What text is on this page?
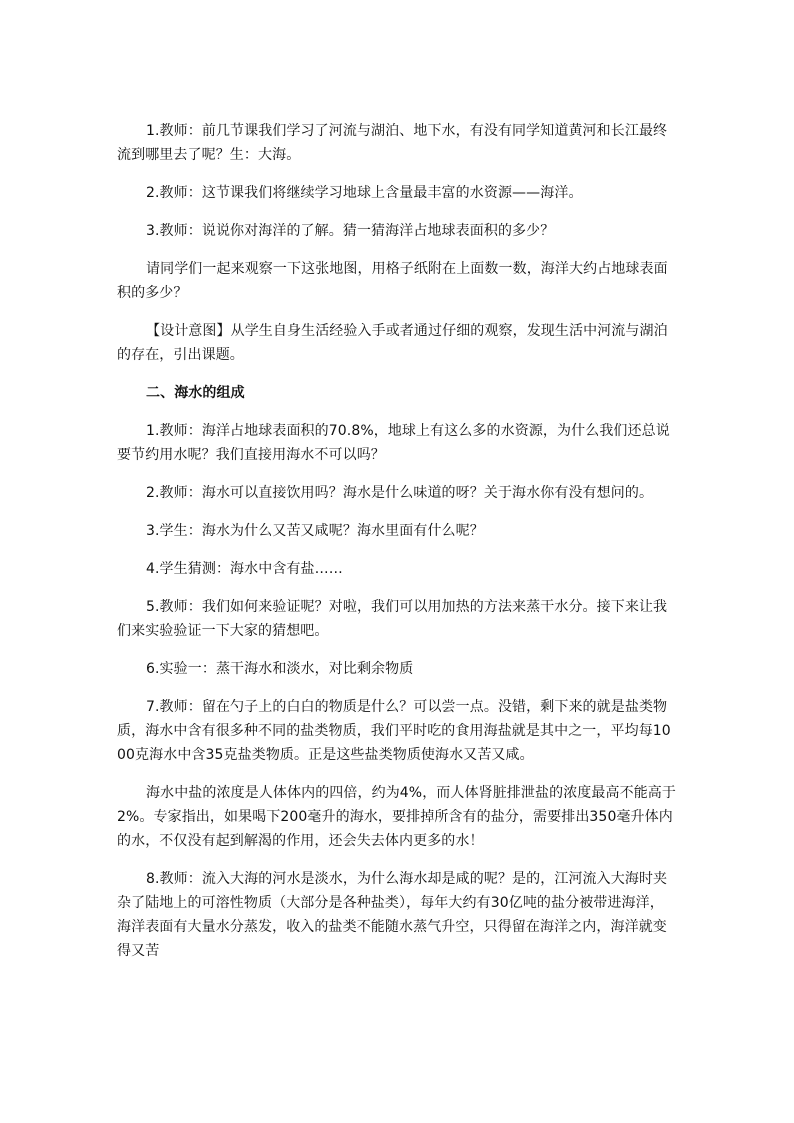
1.教师：前几节课我们学习了河流与湖泊、地下水，有没有同学知道黄河和长江最终流到哪里去了呢？生：大海。

2.教师：这节课我们将继续学习地球上含量最丰富的水资源——海洋。

3.教师：说说你对海洋的了解。猜一猜海洋占地球表面积的多少？

请同学们一起来观察一下这张地图，用格子纸附在上面数一数，海洋大约占地球表面积的多少？

【设计意图】从学生自身生活经验入手或者通过仔细的观察，发现生活中河流与湖泊的存在，引出课题。

二、海水的组成

1.教师：海洋占地球表面积的70.8%，地球上有这么多的水资源，为什么我们还总说要节约用水呢？我们直接用海水不可以吗？

2.教师：海水可以直接饮用吗？海水是什么味道的呀？关于海水你有没有想问的。

3.学生：海水为什么又苦又咸呢？海水里面有什么呢？

4.学生猜测：海水中含有盐……

5.教师：我们如何来验证呢？对啦，我们可以用加热的方法来蒸干水分。接下来让我们来实验验证一下大家的猜想吧。

6.实验一：蒸干海水和淡水，对比剩余物质

7.教师：留在勺子上的白白的物质是什么？可以尝一点。没错，剩下来的就是盐类物质，海水中含有很多种不同的盐类物质，我们平时吃的食用海盐就是其中之一，平均每1000克海水中含35克盐类物质。正是这些盐类物质使海水又苦又咸。

海水中盐的浓度是人体体内的四倍，约为4%，而人体肾脏排泄盐的浓度最高不能高于2%。专家指出，如果喝下200毫升的海水，要排掉所含有的盐分，需要排出350毫升体内的水，不仅没有起到解渴的作用，还会失去体内更多的水！

8.教师：流入大海的河水是淡水，为什么海水却是咸的呢？是的，江河流入大海时夹杂了陆地上的可溶性物质（大部分是各种盐类），每年大约有30亿吨的盐分被带进海洋，海洋表面有大量水分蒸发，收入的盐类不能随水蒸气升空，只得留在海洋之内，海洋就变得又苦
